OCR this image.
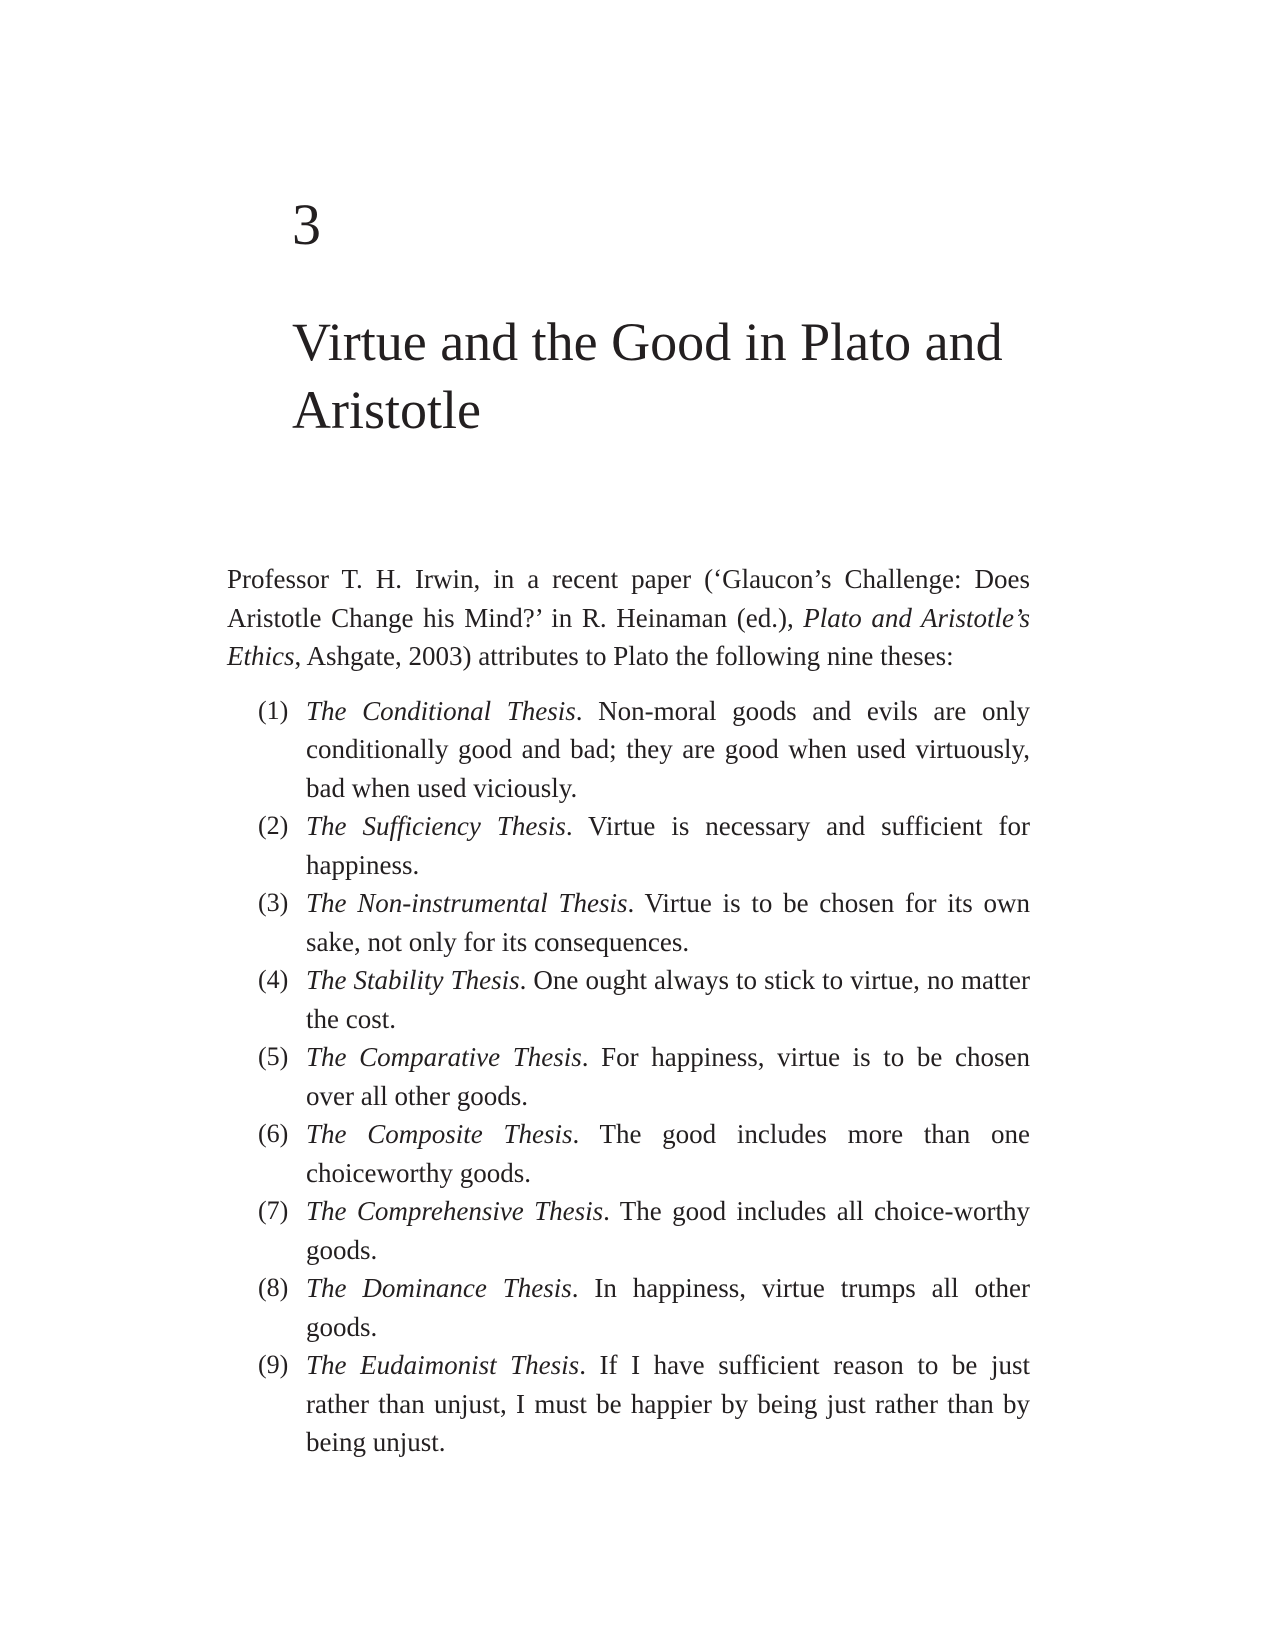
3
Virtue and the Good in Plato and Aristotle

Professor T. H. Irwin, in a recent paper (‘Glaucon’s Challenge: Does Aristotle Change his Mind?’ in R. Heinaman (ed.), Plato and Aristotle’s Ethics, Ashgate, 2003) attributes to Plato the following nine theses:

(1) The Conditional Thesis. Non-moral goods and evils are only conditionally good and bad; they are good when used virtuously, bad when used viciously.
(2) The Sufficiency Thesis. Virtue is necessary and sufficient for happiness.
(3) The Non-instrumental Thesis. Virtue is to be chosen for its own sake, not only for its consequences.
(4) The Stability Thesis. One ought always to stick to virtue, no matter the cost.
(5) The Comparative Thesis. For happiness, virtue is to be chosen over all other goods.
(6) The Composite Thesis. The good includes more than one choiceworthy goods.
(7) The Comprehensive Thesis. The good includes all choice-worthy goods.
(8) The Dominance Thesis. In happiness, virtue trumps all other goods.
(9) The Eudaimonist Thesis. If I have sufficient reason to be just rather than unjust, I must be happier by being just rather than by being unjust.
